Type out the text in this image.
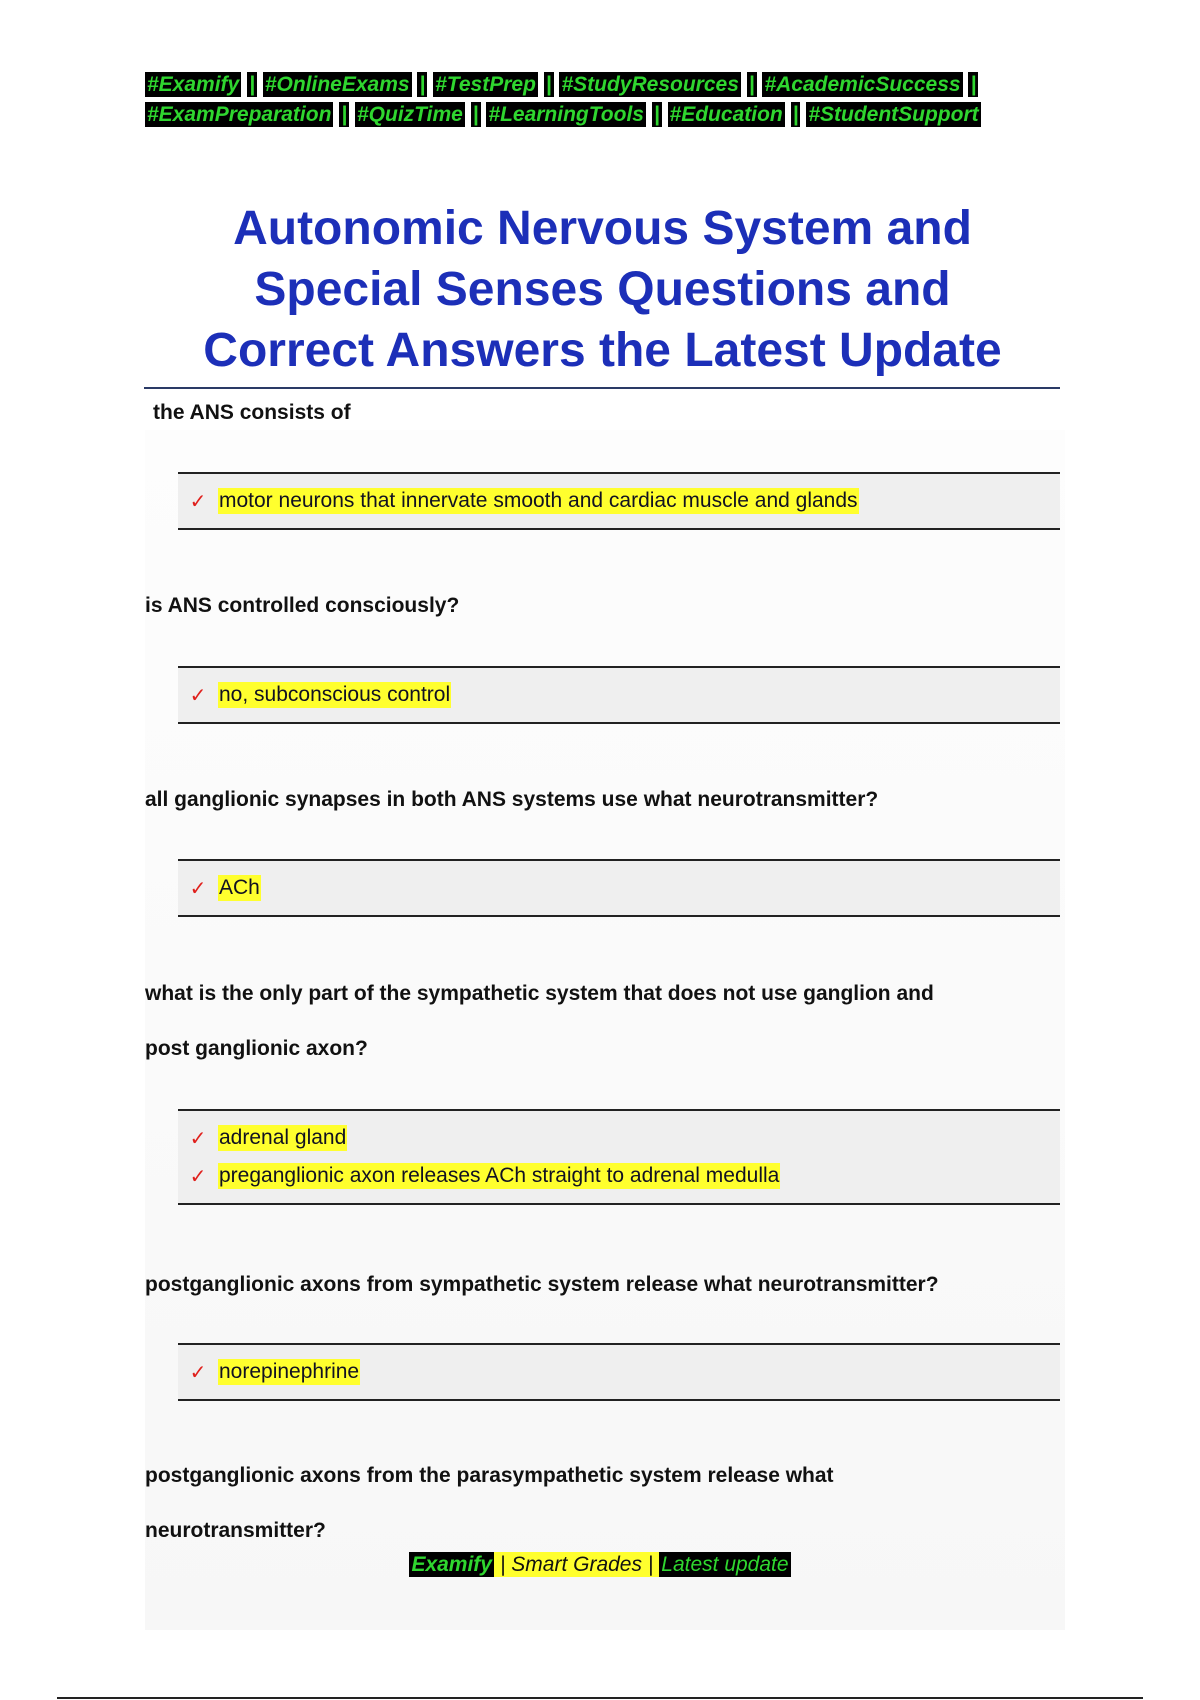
#Examify | #OnlineExams | #TestPrep | #StudyResources | #AcademicSuccess |
#ExamPreparation | #QuizTime | #LearningTools | #Education | #StudentSupport
Autonomic Nervous System and
Special Senses Questions and
Correct Answers the Latest Update

the ANS consists of

✓ motor neurons that innervate smooth and cardiac muscle and glands

is ANS controlled consciously?

✓ no, subconscious control

all ganglionic synapses in both ANS systems use what neurotransmitter?

✓ ACh

what is the only part of the sympathetic system that does not use ganglion and

post ganglionic axon?

✓ adrenal gland
✓ preganglionic axon releases ACh straight to adrenal medulla

postganglionic axons from sympathetic system release what neurotransmitter?

✓ norepinephrine

postganglionic axons from the parasympathetic system release what

neurotransmitter?

Examify | Smart Grades | Latest update
